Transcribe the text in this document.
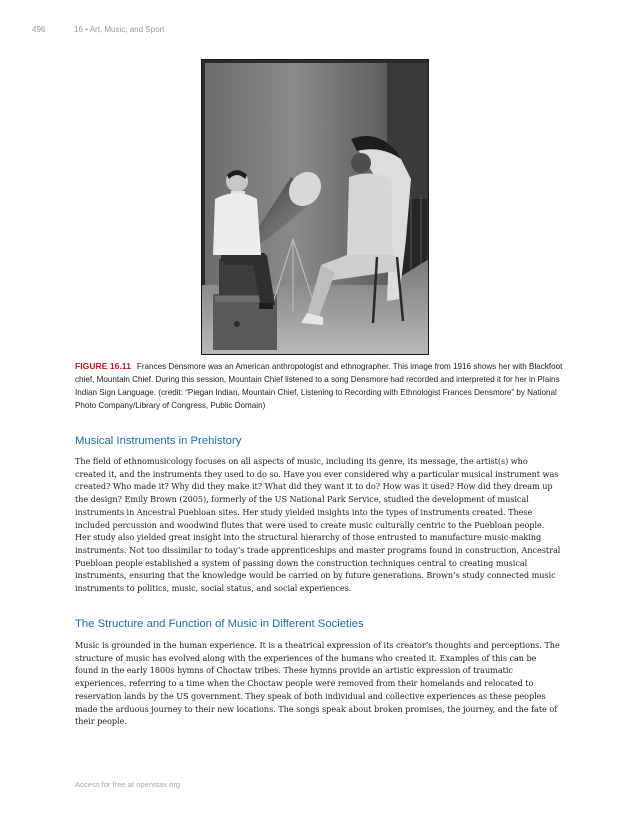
496	16 • Art, Music, and Sport
FIGURE 16.11 Frances Densmore was an American anthropologist and ethnographer. This image from 1916 shows her with Blackfoot chief, Mountain Chief. During this session, Mountain Chief listened to a song Densmore had recorded and interpreted it for her in Plains Indian Sign Language. (credit: “Piegan Indian, Mountain Chief, Listening to Recording with Ethnologist Frances Densmore” by National Photo Company/Library of Congress, Public Domain)
Musical Instruments in Prehistory

The field of ethnomusicology focuses on all aspects of music, including its genre, its message, the artist(s) who created it, and the instruments they used to do so. Have you ever considered why a particular musical instrument was created? Who made it? Why did they make it? What did they want it to do? How was it used? How did they dream up the design? Emily Brown (2005), formerly of the US National Park Service, studied the development of musical instruments in Ancestral Puebloan sites. Her study yielded insights into the types of instruments created. These included percussion and woodwind flutes that were used to create music culturally centric to the Puebloan people. Her study also yielded great insight into the structural hierarchy of those entrusted to manufacture music-making instruments. Not too dissimilar to today’s trade apprenticeships and master programs found in construction, Ancestral Puebloan people established a system of passing down the construction techniques central to creating musical instruments, ensuring that the knowledge would be carried on by future generations. Brown’s study connected music instruments to politics, music, social status, and social experiences.

The Structure and Function of Music in Different Societies

Music is grounded in the human experience. It is a theatrical expression of its creator’s thoughts and perceptions. The structure of music has evolved along with the experiences of the humans who created it. Examples of this can be found in the early 1800s hymns of Choctaw tribes. These hymns provide an artistic expression of traumatic experiences, referring to a time when the Choctaw people were removed from their homelands and relocated to reservation lands by the US government. They speak of both individual and collective experiences as these peoples made the arduous journey to their new locations. The songs speak about broken promises, the journey, and the fate of their people.

Access for free at openstax.org
